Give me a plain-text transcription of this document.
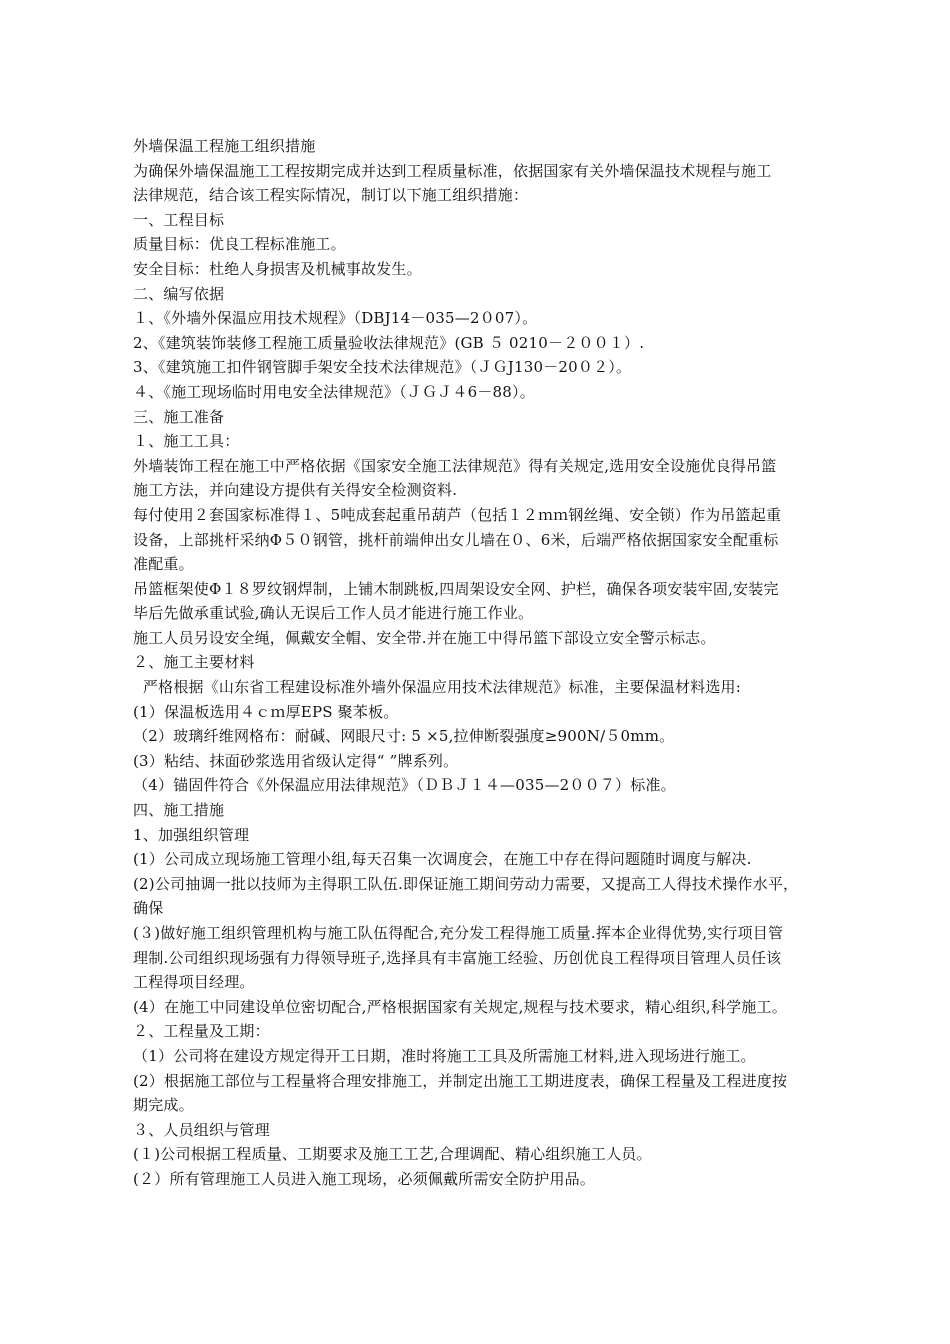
外墙保温工程施工组织措施
为确保外墙保温施工工程按期完成并达到工程质量标准，依据国家有关外墙保温技术规程与施工
法律规范，结合该工程实际情况，制订以下施工组织措施：
一、工程目标
质量目标：优良工程标准施工。
安全目标：杜绝人身损害及机械事故发生。
二、编写依据
１、《外墙外保温应用技术规程》（DBJ14－035—2０07）。
2、《建筑装饰装修工程施工质量验收法律规范》(GB ５ 0210－２００１）.
3、《建筑施工扣件钢管脚手架安全技术法律规范》（ＪＧJ130－20０２）。
４、《施工现场临时用电安全法律规范》（ＪＧＪ４6－88）。
三、施工准备
１、施工工具：
外墙装饰工程在施工中严格依据《国家安全施工法律规范》得有关规定,选用安全设施优良得吊篮
施工方法，并向建设方提供有关得安全检测资料.
每付使用２套国家标准得１、5吨成套起重吊葫芦（包括１２ｍｍ钢丝绳、安全锁）作为吊篮起重
设备，上部挑杆采纳Φ５０钢管，挑杆前端伸出女儿墙在０、6米，后端严格依据国家安全配重标
准配重。
吊篮框架使Φ１８罗纹钢焊制，上铺木制跳板,四周架设安全网、护栏，确保各项安装牢固,安装完
毕后先做承重试验,确认无误后工作人员才能进行施工作业。
施工人员另设安全绳，佩戴安全帽、安全带.并在施工中得吊篮下部设立安全警示标志。
２、施工主要材料
严格根据《山东省工程建设标准外墙外保温应用技术法律规范》标准，主要保温材料选用:
(1）保温板选用４ｃｍ厚EPS 聚苯板。
（2）玻璃纤维网格布：耐碱、网眼尺寸: 5 ×5,拉伸断裂强度≥900N/５0mm。
(3）粘结、抹面砂浆选用省级认定得“ ”牌系列。
（4）锚固件符合《外保温应用法律规范》（ＤＢＪ１４—035—2００７）标准。
四、施工措施
1、加强组织管理
(1）公司成立现场施工管理小组,每天召集一次调度会，在施工中存在得问题随时调度与解决.
(2)公司抽调一批以技师为主得职工队伍.即保证施工期间劳动力需要，又提高工人得技术操作水平，
确保
(３)做好施工组织管理机构与施工队伍得配合,充分发工程得施工质量.挥本企业得优势,实行项目管
理制.公司组织现场强有力得领导班子,选择具有丰富施工经验、历创优良工程得项目管理人员任该
工程得项目经理。
(4）在施工中同建设单位密切配合,严格根据国家有关规定,规程与技术要求，精心组织,科学施工。
２、工程量及工期：
（1）公司将在建设方规定得开工日期，准时将施工工具及所需施工材料,进入现场进行施工。
(2）根据施工部位与工程量将合理安排施工，并制定出施工工期进度表，确保工程量及工程进度按
期完成。
３、人员组织与管理
(１)公司根据工程质量、工期要求及施工工艺,合理调配、精心组织施工人员。
(２）所有管理施工人员进入施工现场，必须佩戴所需安全防护用品。
